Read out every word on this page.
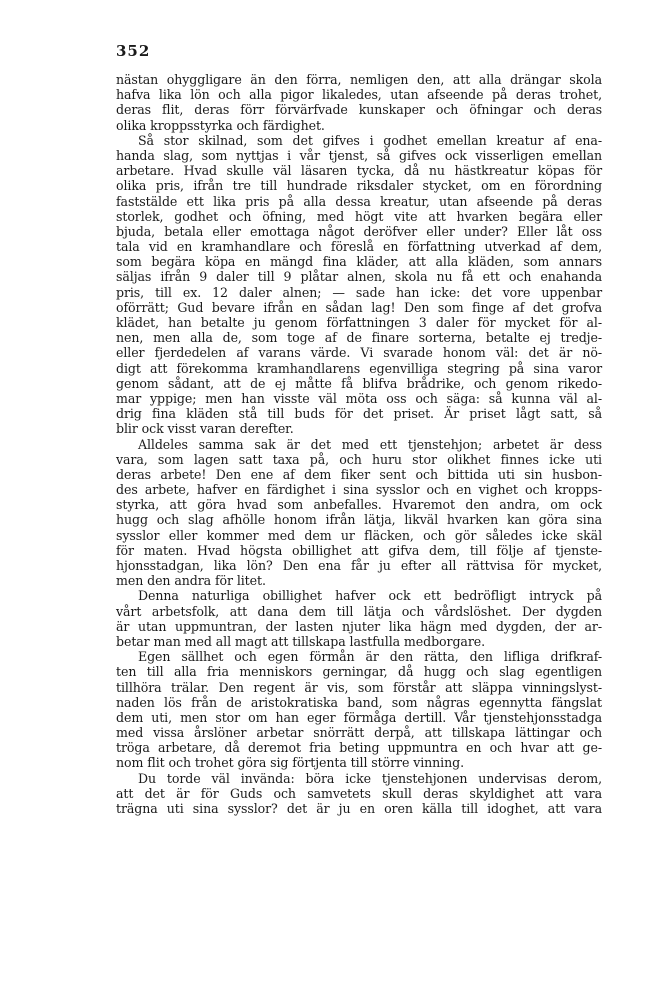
352
nästan ohyggligare än den förra, nemligen den, att alla drängar skola
hafva lika lön och alla pigor likaledes, utan afseende på deras trohet,
deras flit, deras förr förvärfvade kunskaper och öfningar och deras
olika kroppsstyrka och färdighet.
Så stor skilnad, som det gifves i godhet emellan kreatur af ena-
handa slag, som nyttjas i vår tjenst, så gifves ock visserligen emellan
arbetare. Hvad skulle väl läsaren tycka, då nu hästkreatur köpas för
olika pris, ifrån tre till hundrade riksdaler stycket, om en förordning
faststälde ett lika pris på alla dessa kreatur, utan afseende på deras
storlek, godhet och öfning, med högt vite att hvarken begära eller
bjuda, betala eller emottaga något deröfver eller under? Eller låt oss
tala vid en kramhandlare och föreslå en författning utverkad af dem,
som begära köpa en mängd fina kläder, att alla kläden, som annars
säljas ifrån 9 daler till 9 plåtar alnen, skola nu få ett och enahanda
pris, till ex. 12 daler alnen; — sade han icke: det vore uppenbar
oförrätt; Gud bevare ifrån en sådan lag! Den som finge af det grofva
klädet, han betalte ju genom författningen 3 daler för mycket för al-
nen, men alla de, som toge af de finare sorterna, betalte ej tredje-
eller fjerdedelen af varans värde. Vi svarade honom väl: det är nö-
digt att förekomma kramhandlarens egenvilliga stegring på sina varor
genom sådant, att de ej måtte få blifva brådrike, och genom rikedo-
mar yppige; men han visste väl möta oss och säga: så kunna väl al-
drig fina kläden stå till buds för det priset. Är priset lågt satt, så
blir ock visst varan derefter.
Alldeles samma sak är det med ett tjenstehjon; arbetet är dess
vara, som lagen satt taxa på, och huru stor olikhet finnes icke uti
deras arbete! Den ene af dem fiker sent och bittida uti sin husbon-
des arbete, hafver en färdighet i sina sysslor och en vighet och kropps-
styrka, att göra hvad som anbefalles. Hvaremot den andra, om ock
hugg och slag afhölle honom ifrån lätja, likväl hvarken kan göra sina
sysslor eller kommer med dem ur fläcken, och gör således icke skäl
för maten. Hvad högsta obillighet att gifva dem, till följe af tjenste-
hjonsstadgan, lika lön? Den ena får ju efter all rättvisa för mycket,
men den andra för litet.
Denna naturliga obillighet hafver ock ett bedröfligt intryck på
vårt arbetsfolk, att dana dem till lätja och vårdslöshet. Der dygden
är utan uppmuntran, der lasten njuter lika hägn med dygden, der ar-
betar man med all magt att tillskapa lastfulla medborgare.
Egen sällhet och egen förmån är den rätta, den lifliga drifkraf-
ten till alla fria menniskors gerningar, då hugg och slag egentligen
tillhöra trälar. Den regent är vis, som förstår att släppa vinningslyst-
naden lös från de aristokratiska band, som någras egennytta fängslat
dem uti, men stor om han eger förmåga dertill. Vår tjenstehjonsstadga
med vissa årslöner arbetar snörrätt derpå, att tillskapa lättingar och
tröga arbetare, då deremot fria beting uppmuntra en och hvar att ge-
nom flit och trohet göra sig förtjenta till större vinning.
Du torde väl invända: böra icke tjenstehjonen undervisas derom,
att det är för Guds och samvetets skull deras skyldighet att vara
trägna uti sina sysslor? det är ju en oren källa till idoghet, att vara
